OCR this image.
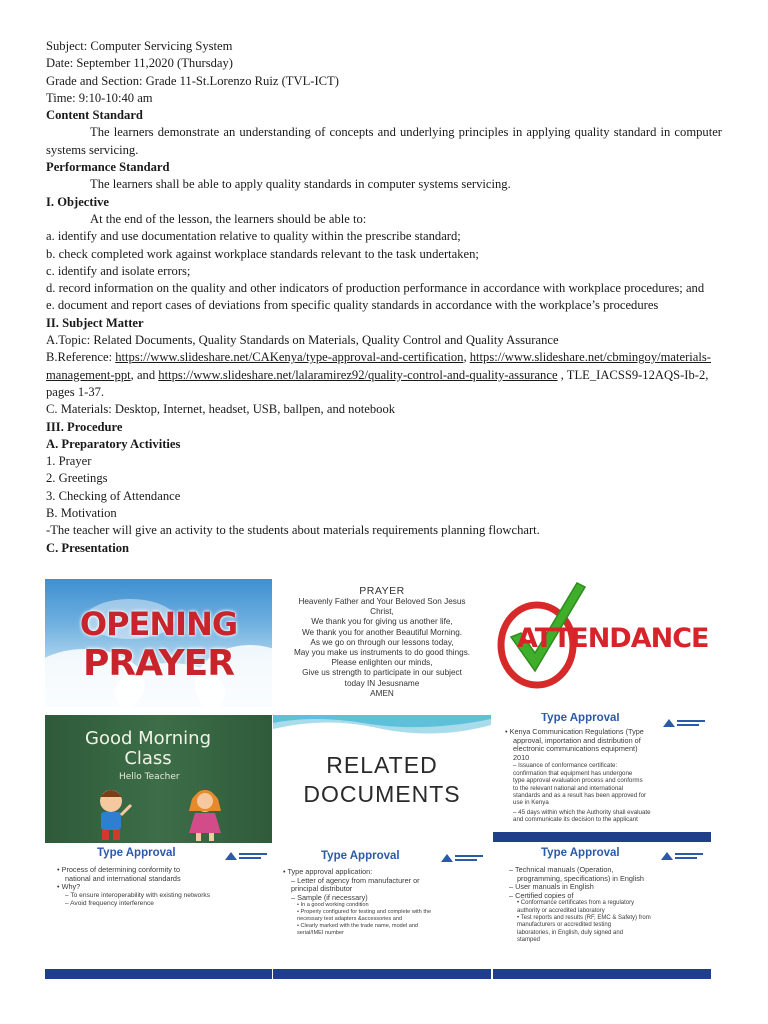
Subject: Computer Servicing System

Date: September 11,2020 (Thursday)

Grade and Section: Grade 11-St.Lorenzo Ruiz (TVL-ICT)

Time: 9:10-10:40 am

Content Standard

The learners demonstrate an understanding of concepts and underlying principles in applying quality standard in computer systems servicing.

Performance Standard

The learners shall be able to apply quality standards in computer systems servicing.

I. Objective

At the end of the lesson, the learners should be able to:

a. identify and use documentation relative to quality within the prescribe standard;

b. check completed work against workplace standards relevant to the task undertaken;

c. identify and isolate errors;

d. record information on the quality and other indicators of production performance in accordance with workplace procedures; and

e. document and report cases of deviations from specific quality standards in accordance with the workplace’s procedures

II. Subject Matter

A.Topic: Related Documents, Quality Standards on Materials, Quality Control and Quality Assurance

B.Reference: https://www.slideshare.net/CAKenya/type-approval-and-certification, https://www.slideshare.net/cbmingoy/materials-management-ppt, and https://www.slideshare.net/lalaramirez92/quality-control-and-quality-assurance , TLE_IACSS9-12AQS-Ib-2, pages 1-37.

C. Materials: Desktop, Internet, headset, USB, ballpen, and notebook

III. Procedure

A. Preparatory Activities

1. Prayer

2. Greetings

3. Checking of Attendance

B. Motivation

-The teacher will give an activity to the students about materials requirements planning flowchart.

C. Presentation

OPENING
PRAYER
PRAYER
Heavenly Father and Your Beloved Son Jesus
Christ,
We thank you for giving us another life,
We thank you for another Beautiful Morning.
As we go on through our lessons today,
May you make us instruments to do good things.
Please enlighten our minds,
Give us strength to participate in our subject
today IN Jesusname
AMEN
ATTENDANCE
Good Morning Class
Hello Teacher	RELATED
DOCUMENTS
Type Approval
• Kenya Communication Regulations (Type
approval, importation and distribution of
electronic communications equipment)
2010
– Issuance of conformance certificate:
confirmation that equipment has undergone
type approval evaluation process and conforms
to the relevant national and international
standards and as a result has been approved for
use in Kenya
– 45 days within which the Authority shall evaluate
and communicate its decision to the applicant
Type Approval
• Process of determining conformity to
national and international standards
• Why?
– To ensure interoperability with existing networks
– Avoid frequency interference
Type Approval
• Type approval application:
– Letter of agency from manufacturer or
principal distributor
– Sample (if necessary)
• In a good working condition
• Properly configured for testing and complete with the
necessary test adapters &accessories and
• Clearly marked with the trade name, model and
serial/IMEI number
Type Approval
– Technical manuals (Operation,
programming, specifications) in English
– User manuals in English
– Certified copies of
• Conformance certificates from a regulatory
authority or accredited laboratory
• Test reports and results (RF, EMC & Safety) from
manufacturers or accredited testing
laboratories, in English, duly signed and
stamped
